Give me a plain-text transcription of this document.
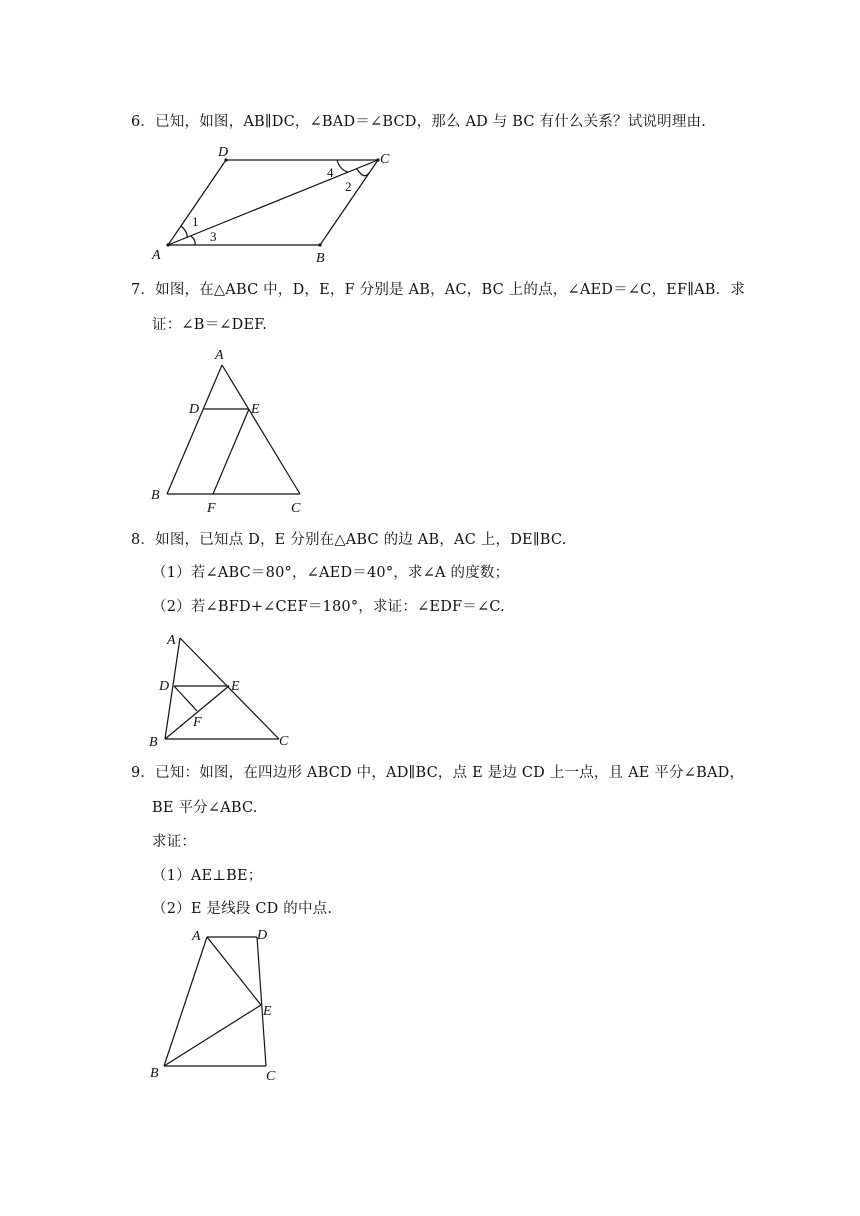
6．已知，如图，AB∥DC，∠BAD＝∠BCD，那么 AD 与 BC 有什么关系？试说明理由.
D	C
A	B
1
2
3
4
7．如图，在△ABC 中，D，E，F 分别是 AB，AC，BC 上的点，∠AED＝∠C，EF∥AB．求
证：∠B＝∠DEF.
A
D	E
B
F	C
8．如图，已知点 D，E 分别在△ABC 的边 AB，AC 上，DE∥BC.
（1）若∠ABC＝80°，∠AED＝40°，求∠A 的度数；
（2）若∠BFD+∠CEF＝180°，求证：∠EDF＝∠C.
A
D	E
F
B	C
9．已知：如图，在四边形 ABCD 中，AD∥BC，点 E 是边 CD 上一点，且 AE 平分∠BAD，
BE 平分∠ABC.
求证：
（1）AE⊥BE；
（2）E 是线段 CD 的中点.
A	D
E
B	C
